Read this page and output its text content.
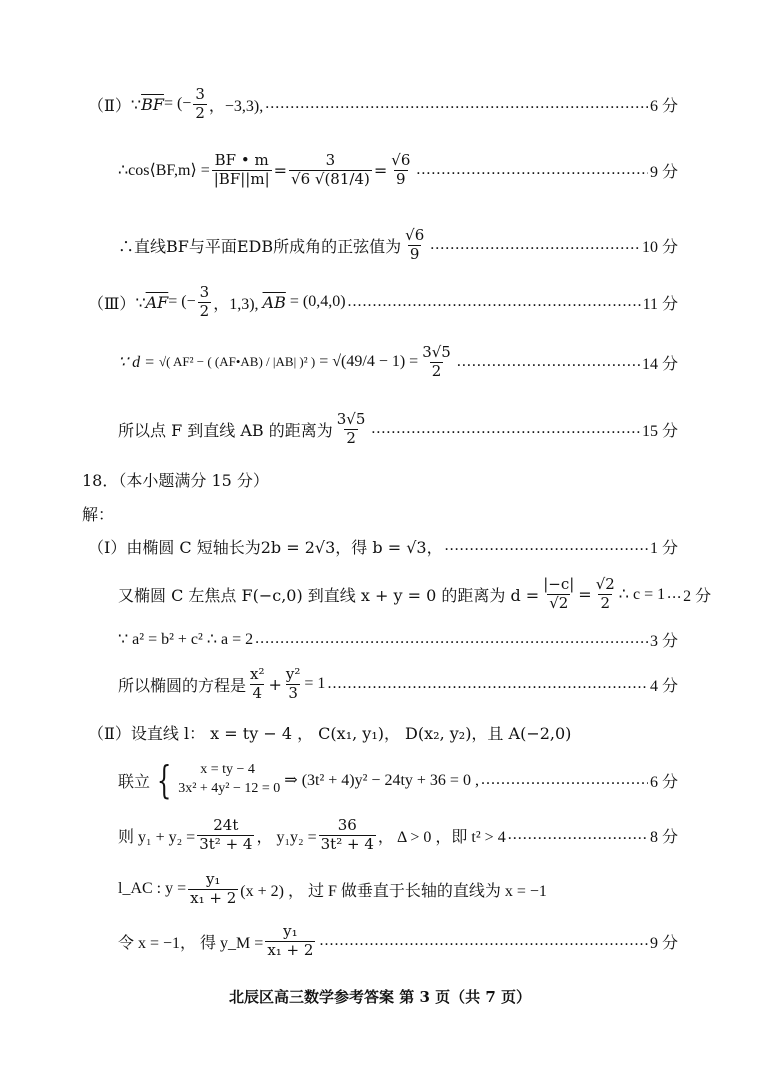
（Ⅱ） ∵ $\overline{BF}$ = (− $\frac{3}{2}$ ，−3,3), .....	6 分
∴cos⟨BF,m⟩ = $\frac{BF • m}{|BF||m|} = \frac{3}{√6 √(81/4)} = \frac{√6}{9}$ .....	9 分
∴直线BF与平面EDB所成角的正弦值为 $\frac{√6}{9}$ .....	10 分
（Ⅲ） ∵ $\overline{AF}$ = (− $\frac{3}{2}$ ，1,3), $\overline{AB} = (0,4,0)$ .....	11 分
∵ d = √( AF² − ( (AF•AB) / |AB| )² ) = $√(49/4 - 1) = \frac{3√5}{2}$ .....	14 分
所以点 F 到直线 AB 的距离为 $\frac{3√5}{2}$ .....	15 分
18．（本小题满分 15 分）
解：
（Ⅰ） 由椭圆 C 短轴长为2b = 2√3，得 b = √3， .....	1 分
又椭圆 C 左焦点 F(−c,0) 到直线 x + y = 0 的距离为 $d = \frac{|-c|}{√2} = \frac{√2}{2}$ ∴ c = 1 ..... 2 分
∵ a² = b² + c² ∴ a = 2 .....	3 分
所以椭圆的方程是 $\frac{\text{x²}}{4} + \frac{\text{y²}}{3} = 1$ .....	4 分
（Ⅱ） 设直线 l： x = ty − 4 ， C(x₁, y₁)， D(x₂, y₂)，且 A(−2,0)
联立 {	x = ty − 4
3x² + 4y² − 12 = 0 ⇒ (3t² + 4)y² − 24ty + 36 = 0 , .....	6 分
则 $y_1 + y_2 = \frac{24t}{\text{3t² + 4}}$ ， $y_1y_2 = \frac{36}{\text{3t² + 4}}$ ， Δ > 0 ，即 t² > 4 .....	8 分
l_AC : $y = \frac{\text{y₁}}{\text{x₁ + 2}} (x + 2)$ ， 过 F 做垂直于长轴的直线为 x = −1
令 x = −1， 得 y_M = $\frac{\text{y₁}}{\text{x₁ + 2}}$ .....	9 分
北辰区高三数学参考答案 第 3 页（共 7 页）
